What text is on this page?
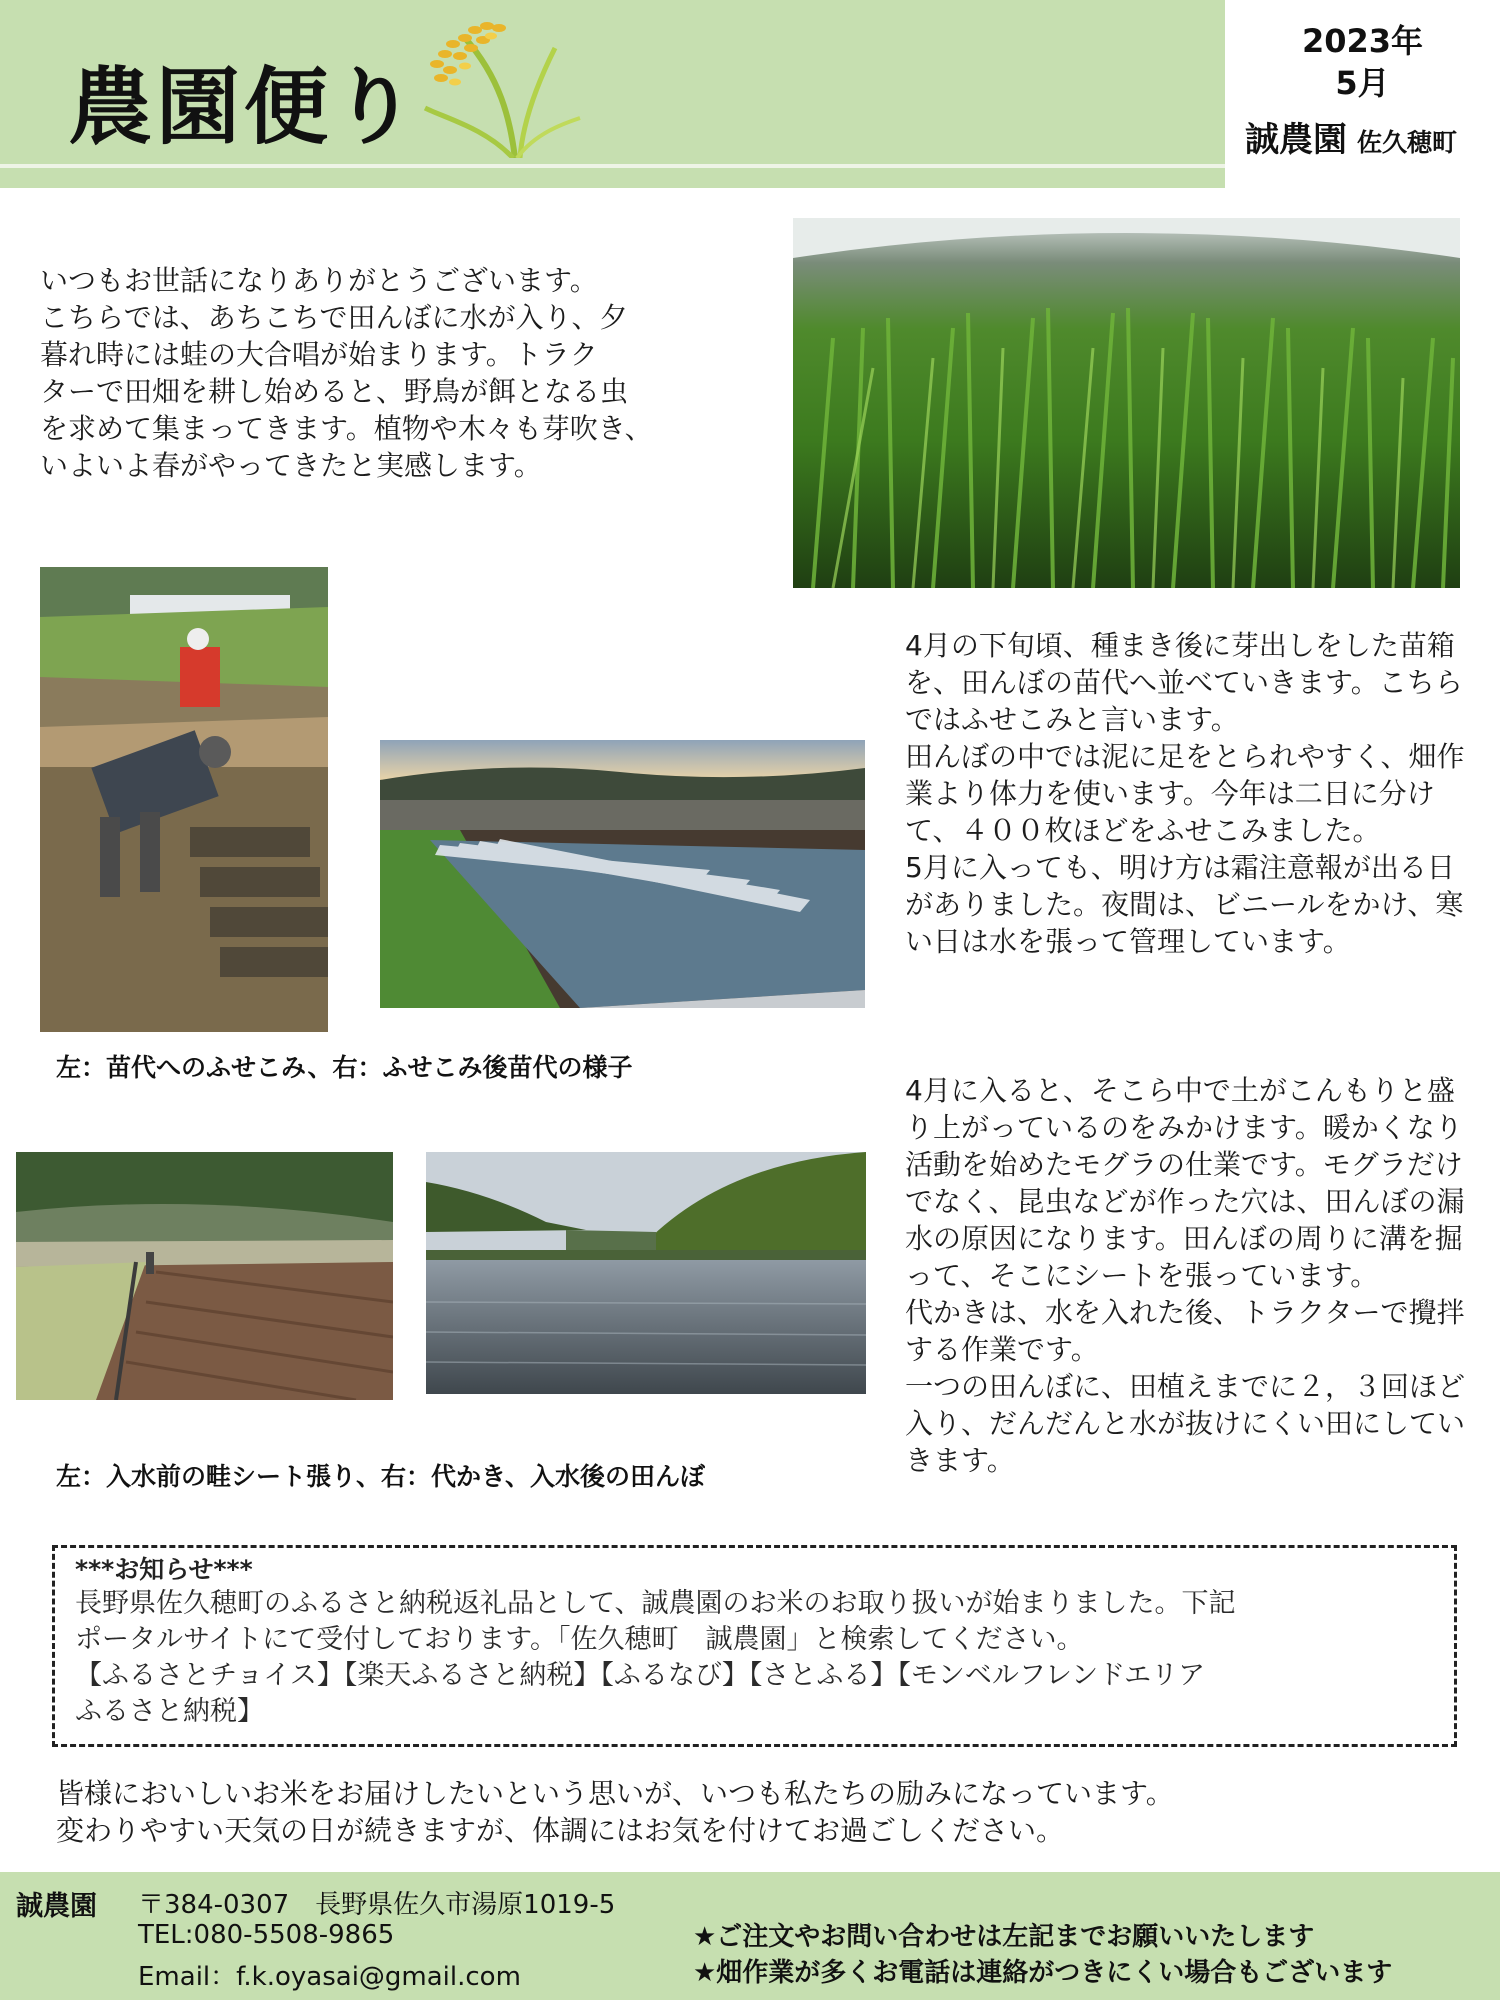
農園便り
2023年
5月
誠農園 佐久穂町
いつもお世話になりありがとうございます。
こちらでは、あちこちで田んぼに水が入り、夕
暮れ時には蛙の大合唱が始まります。トラク
ターで田畑を耕し始めると、野鳥が餌となる虫
を求めて集まってきます。植物や木々も芽吹き、
いよいよ春がやってきたと実感します。
左：苗代へのふせこみ、右：ふせこみ後苗代の様子

4月の下旬頃、種まき後に芽出しをした苗箱を、田んぼの苗代へ並べていきます。こちらではふせこみと言います。

田んぼの中では泥に足をとられやすく、畑作業より体力を使います。今年は二日に分けて、４００枚ほどをふせこみました。

5月に入っても、明け方は霜注意報が出る日がありました。夜間は、ビニールをかけ、寒い日は水を張って管理しています。

4月に入ると、そこら中で土がこんもりと盛り上がっているのをみかけます。暖かくなり活動を始めたモグラの仕業です。モグラだけでなく、昆虫などが作った穴は、田んぼの漏水の原因になります。田んぼの周りに溝を掘って、そこにシートを張っています。

代かきは、水を入れた後、トラクターで攪拌する作業です。

一つの田んぼに、田植えまでに２，３回ほど入り、だんだんと水が抜けにくい田にしていきます。

左：入水前の畦シート張り、右：代かき、入水後の田んぼ
***お知らせ***
長野県佐久穂町のふるさと納税返礼品として、誠農園のお米のお取り扱いが始まりました。下記
ポータルサイトにて受付しております。「佐久穂町　誠農園」と検索してください。
【ふるさとチョイス】【楽天ふるさと納税】【ふるなび】【さとふる】【モンベルフレンドエリア
ふるさと納税】
皆様においしいお米をお届けしたいという思いが、いつも私たちの励みになっています。
変わりやすい天気の日が続きますが、体調にはお気を付けてお過ごしください。
誠農園 〒384-0307　長野県佐久市湯原1019-5
TEL:080-5508-9865
Email：f.k.oyasai@gmail.com
★ご注文やお問い合わせは左記までお願いいたします
★畑作業が多くお電話は連絡がつきにくい場合もございます
